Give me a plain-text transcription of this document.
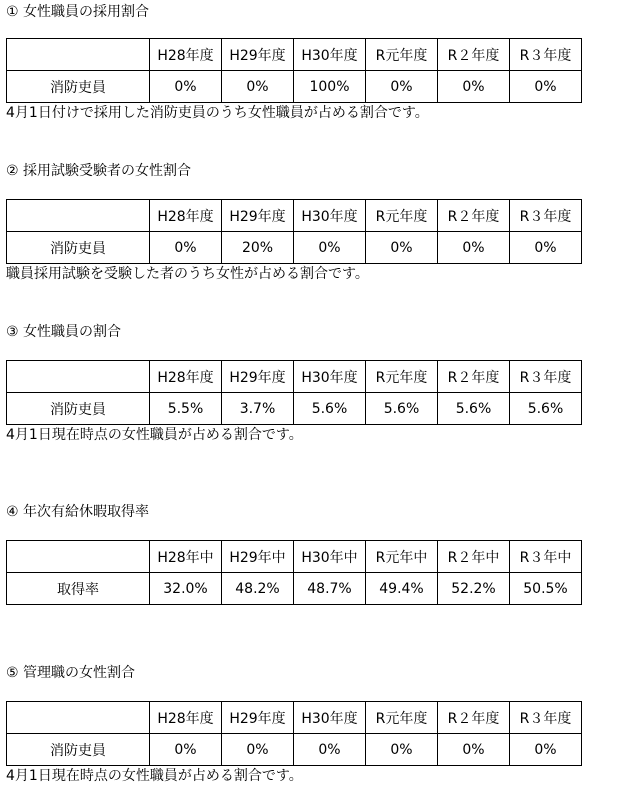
① 女性職員の採用割合
	H28年度	H29年度	H30年度	R元年度	R２年度	R３年度
消防吏員	0%	0%	100%	0%	0%	0%
4月1日付けで採用した消防吏員のうち女性職員が占める割合です。
② 採用試験受験者の女性割合
	H28年度	H29年度	H30年度	R元年度	R２年度	R３年度
消防吏員	0%	20%	0%	0%	0%	0%
職員採用試験を受験した者のうち女性が占める割合です。
③ 女性職員の割合
	H28年度	H29年度	H30年度	R元年度	R２年度	R３年度
消防吏員	5.5%	3.7%	5.6%	5.6%	5.6%	5.6%
4月1日現在時点の女性職員が占める割合です。
④ 年次有給休暇取得率
	H28年中	H29年中	H30年中	R元年中	R２年中	R３年中
取得率	32.0%	48.2%	48.7%	49.4%	52.2%	50.5%
⑤ 管理職の女性割合
	H28年度	H29年度	H30年度	R元年度	R２年度	R３年度
消防吏員	0%	0%	0%	0%	0%	0%
4月1日現在時点の女性職員が占める割合です。
